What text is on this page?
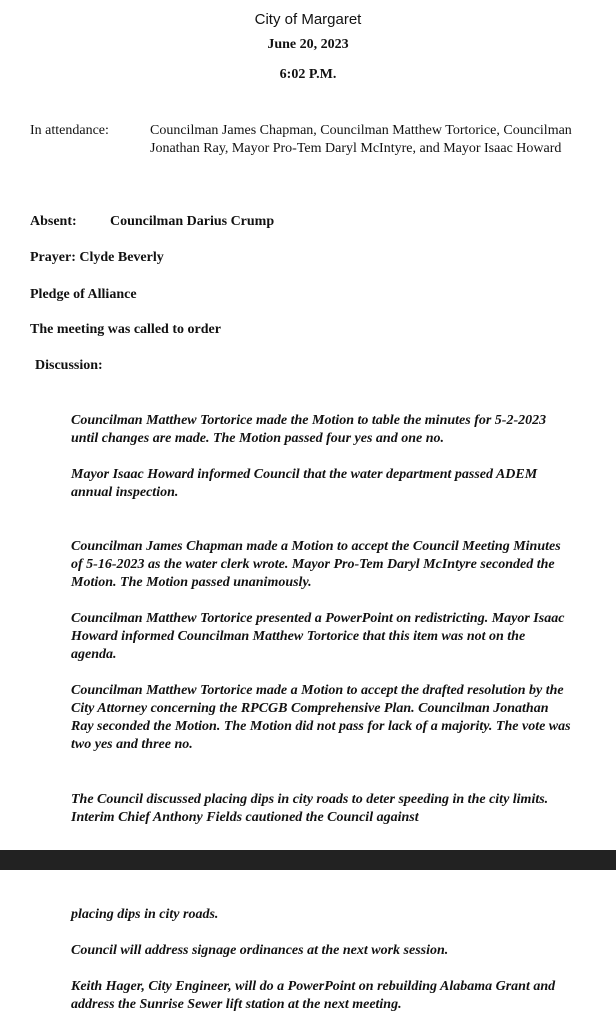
City of Margaret
June 20, 2023
6:02 P.M.
In attendance:	Councilman James Chapman, Councilman Matthew Tortorice, Councilman Jonathan Ray, Mayor Pro-Tem Daryl McIntyre, and Mayor Isaac Howard
Absent: Councilman Darius Crump
Prayer: Clyde Beverly
Pledge of Alliance
The meeting was called to order
Discussion:
Councilman Matthew Tortorice made the Motion to table the minutes for 5-2-2023 until changes are made. The Motion passed four yes and one no.
Mayor Isaac Howard informed Council that the water department passed ADEM annual inspection.
Councilman James Chapman made a Motion to accept the Council Meeting Minutes of 5-16-2023 as the water clerk wrote. Mayor Pro-Tem Daryl McIntyre seconded the Motion. The Motion passed unanimously.
Councilman Matthew Tortorice presented a PowerPoint on redistricting. Mayor Isaac Howard informed Councilman Matthew Tortorice that this item was not on the agenda.
Councilman Matthew Tortorice made a Motion to accept the drafted resolution by the City Attorney concerning the RPCGB Comprehensive Plan. Councilman Jonathan Ray seconded the Motion. The Motion did not pass for lack of a majority. The vote was two yes and three no.
The Council discussed placing dips in city roads to deter speeding in the city limits. Interim Chief Anthony Fields cautioned the Council against
placing dips in city roads.
Council will address signage ordinances at the next work session.
Keith Hager, City Engineer, will do a PowerPoint on rebuilding Alabama Grant and address the Sunrise Sewer lift station at the next meeting.
